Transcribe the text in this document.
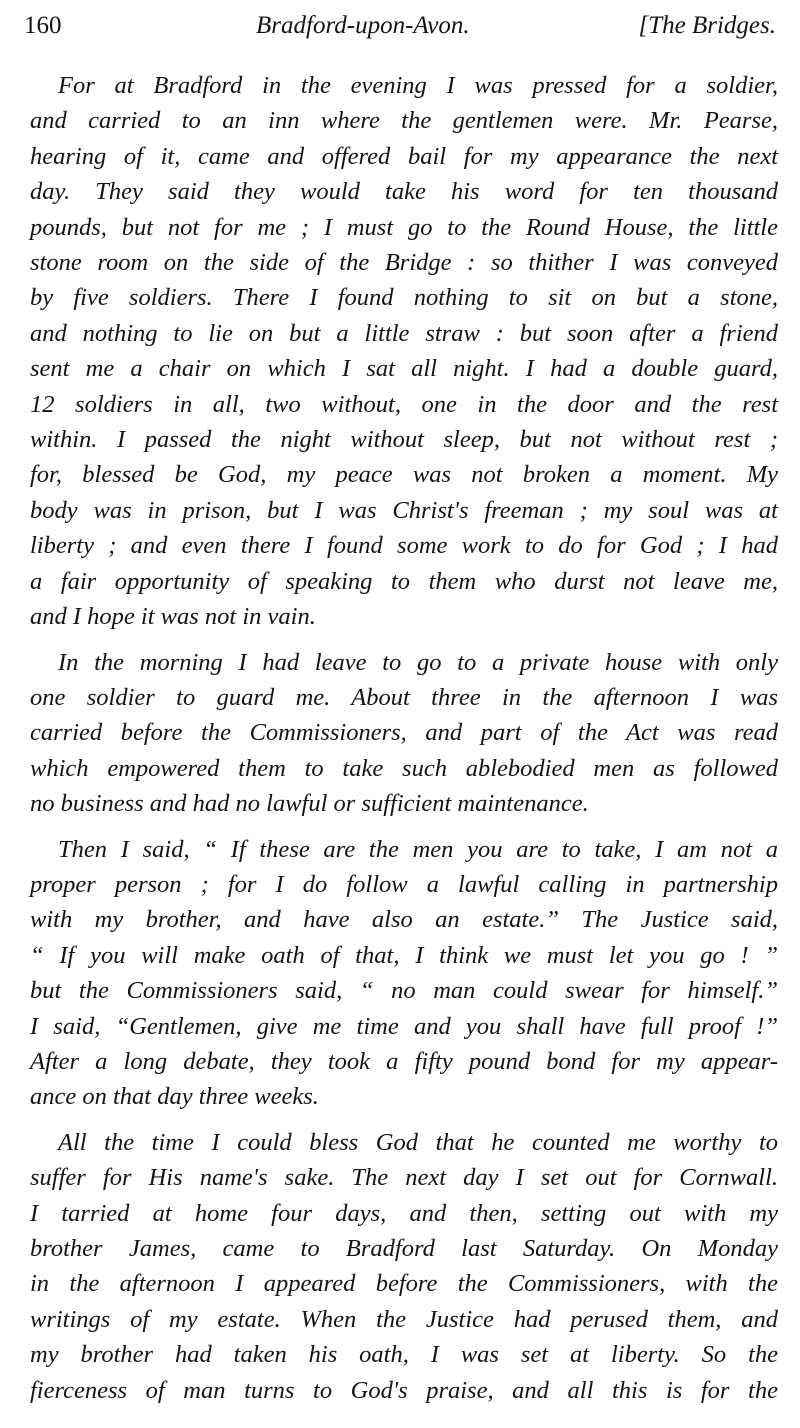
160	Bradford-upon-Avon.	[The Bridges.
For at Bradford in the evening I was pressed for a soldier,
and carried to an inn where the gentlemen were. Mr. Pearse,
hearing of it, came and offered bail for my appearance the next
day. They said they would take his word for ten thousand
pounds, but not for me ; I must go to the Round House, the little
stone room on the side of the Bridge : so thither I was conveyed
by five soldiers. There I found nothing to sit on but a stone,
and nothing to lie on but a little straw : but soon after a friend
sent me a chair on which I sat all night. I had a double guard,
12 soldiers in all, two without, one in the door and the rest
within. I passed the night without sleep, but not without rest ;
for, blessed be God, my peace was not broken a moment. My
body was in prison, but I was Christ's freeman ; my soul was at
liberty ; and even there I found some work to do for God ; I had
a fair opportunity of speaking to them who durst not leave me,
and I hope it was not in vain.
In the morning I had leave to go to a private house with only
one soldier to guard me. About three in the afternoon I was
carried before the Commissioners, and part of the Act was read
which empowered them to take such ablebodied men as followed
no business and had no lawful or sufficient maintenance.
Then I said, “ If these are the men you are to take, I am not a
proper person ; for I do follow a lawful calling in partnership
with my brother, and have also an estate.” The Justice said,
“ If you will make oath of that, I think we must let you go ! ”
but the Commissioners said, “ no man could swear for himself.”
I said, “Gentlemen, give me time and you shall have full proof !”
After a long debate, they took a fifty pound bond for my appear-
ance on that day three weeks.
All the time I could bless God that he counted me worthy to
suffer for His name's sake. The next day I set out for Cornwall.
I tarried at home four days, and then, setting out with my
brother James, came to Bradford last Saturday. On Monday
in the afternoon I appeared before the Commissioners, with the
writings of my estate. When the Justice had perused them, and
my brother had taken his oath, I was set at liberty. So the
fierceness of man turns to God's praise, and all this is for the
